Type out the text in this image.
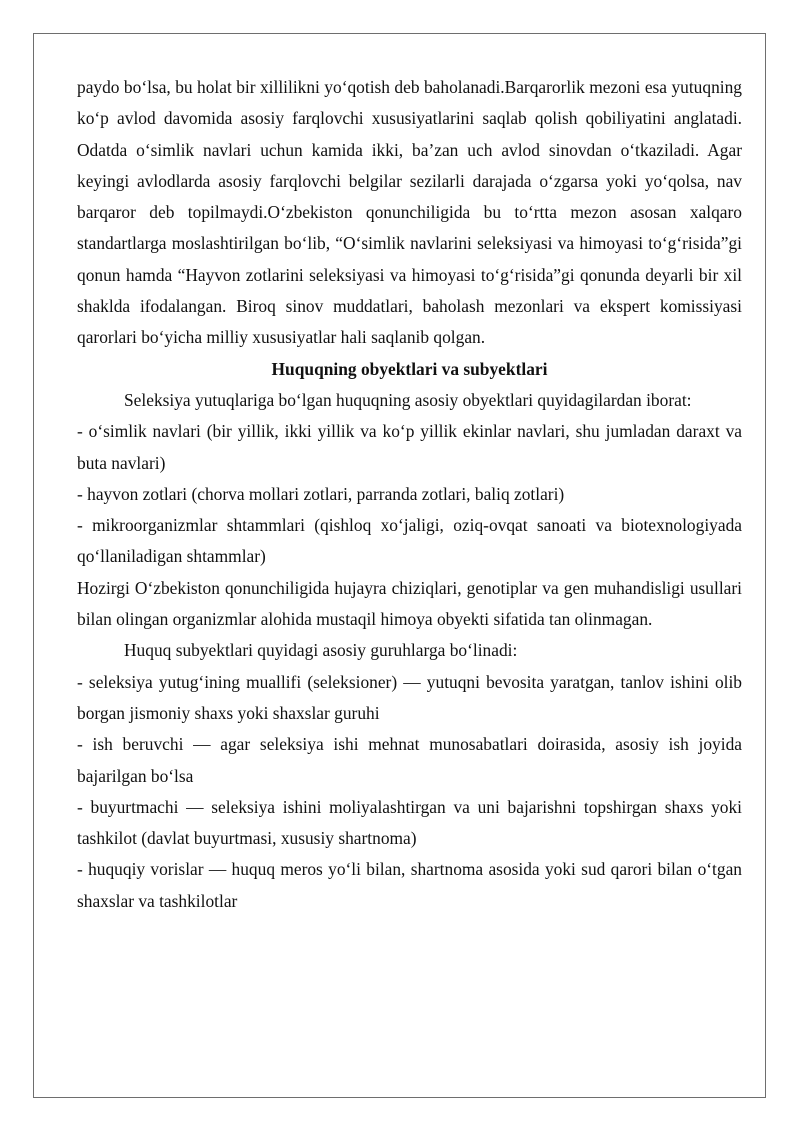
paydo bo‘lsa, bu holat bir xillilikni yo‘qotish deb baholanadi.Barqarorlik mezoni esa yutuqning ko‘p avlod davomida asosiy farqlovchi xususiyatlarini saqlab qolish qobiliyatini anglatadi. Odatda o‘simlik navlari uchun kamida ikki, ba’zan uch avlod sinovdan o‘tkaziladi. Agar keyingi avlodlarda asosiy farqlovchi belgilar sezilarli darajada o‘zgarsa yoki yo‘qolsa, nav barqaror deb topilmaydi.O‘zbekiston qonunchiligida bu to‘rtta mezon asosan xalqaro standartlarga moslashtirilgan bo‘lib, “O‘simlik navlarini seleksiyasi va himoyasi to‘g‘risida”gi qonun hamda “Hayvon zotlarini seleksiyasi va himoyasi to‘g‘risida”gi qonunda deyarli bir xil shaklda ifodalangan. Biroq sinov muddatlari, baholash mezonlari va ekspert komissiyasi qarorlari bo‘yicha milliy xususiyatlar hali saqlanib qolgan.

Huquqning obyektlari va subyektlari

Seleksiya yutuqlariga bo‘lgan huquqning asosiy obyektlari quyidagilardan iborat:

- o‘simlik navlari (bir yillik, ikki yillik va ko‘p yillik ekinlar navlari, shu jumladan daraxt va buta navlari)

- hayvon zotlari (chorva mollari zotlari, parranda zotlari, baliq zotlari)

- mikroorganizmlar shtammlari (qishloq xo‘jaligi, oziq-ovqat sanoati va biotexnologiyada qo‘llaniladigan shtammlar)

Hozirgi O‘zbekiston qonunchiligida hujayra chiziqlari, genotiplar va gen muhandisligi usullari bilan olingan organizmlar alohida mustaqil himoya obyekti sifatida tan olinmagan.

Huquq subyektlari quyidagi asosiy guruhlarga bo‘linadi:

- seleksiya yutug‘ining muallifi (seleksioner) — yutuqni bevosita yaratgan, tanlov ishini olib borgan jismoniy shaxs yoki shaxslar guruhi

- ish beruvchi — agar seleksiya ishi mehnat munosabatlari doirasida, asosiy ish joyida bajarilgan bo‘lsa

- buyurtmachi — seleksiya ishini moliyalashtirgan va uni bajarishni topshirgan shaxs yoki tashkilot (davlat buyurtmasi, xususiy shartnoma)

- huquqiy vorislar — huquq meros yo‘li bilan, shartnoma asosida yoki sud qarori bilan o‘tgan shaxslar va tashkilotlar
